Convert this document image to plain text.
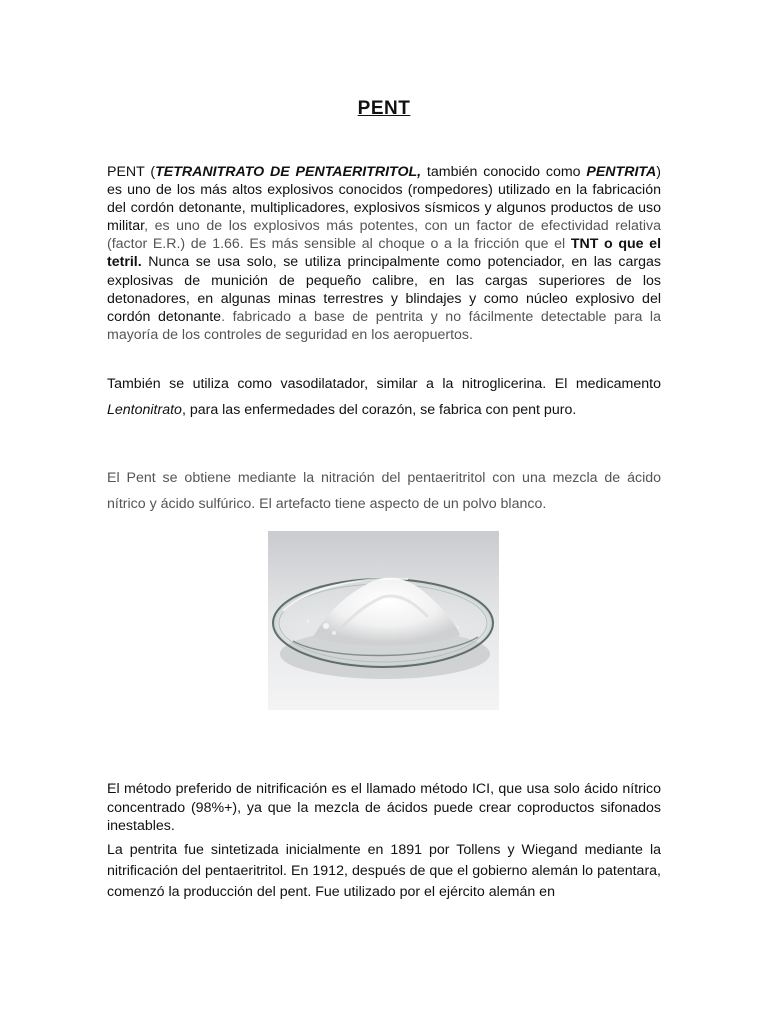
PENT

PENT (TETRANITRATO DE PENTAERITRITOL, también conocido como PENTRITA) es uno de los más altos explosivos conocidos (rompedores) utilizado en la fabricación del cordón detonante, multiplicadores, explosivos sísmicos y algunos productos de uso militar, es uno de los explosivos más potentes, con un factor de efectividad relativa (factor E.R.) de 1.66. Es más sensible al choque o a la fricción que el TNT o que el tetril. Nunca se usa solo, se utiliza principalmente como potenciador, en las cargas explosivas de munición de pequeño calibre, en las cargas superiores de los detonadores, en algunas minas terrestres y blindajes y como núcleo explosivo del cordón detonante. fabricado a base de pentrita y no fácilmente detectable para la mayoría de los controles de seguridad en los aeropuertos.

También se utiliza como vasodilatador, similar a la nitroglicerina. El medicamento Lentonitrato, para las enfermedades del corazón, se fabrica con pent puro.

El Pent se obtiene mediante la nitración del pentaeritritol con una mezcla de ácido nítrico y ácido sulfúrico. El artefacto tiene aspecto de un polvo blanco.

El método preferido de nitrificación es el llamado método ICI, que usa solo ácido nítrico concentrado (98%+), ya que la mezcla de ácidos puede crear coproductos sifonados inestables.

La pentrita fue sintetizada inicialmente en 1891 por Tollens y Wiegand mediante la nitrificación del pentaeritritol. En 1912, después de que el gobierno alemán lo patentara, comenzó la producción del pent. Fue utilizado por el ejército alemán en
